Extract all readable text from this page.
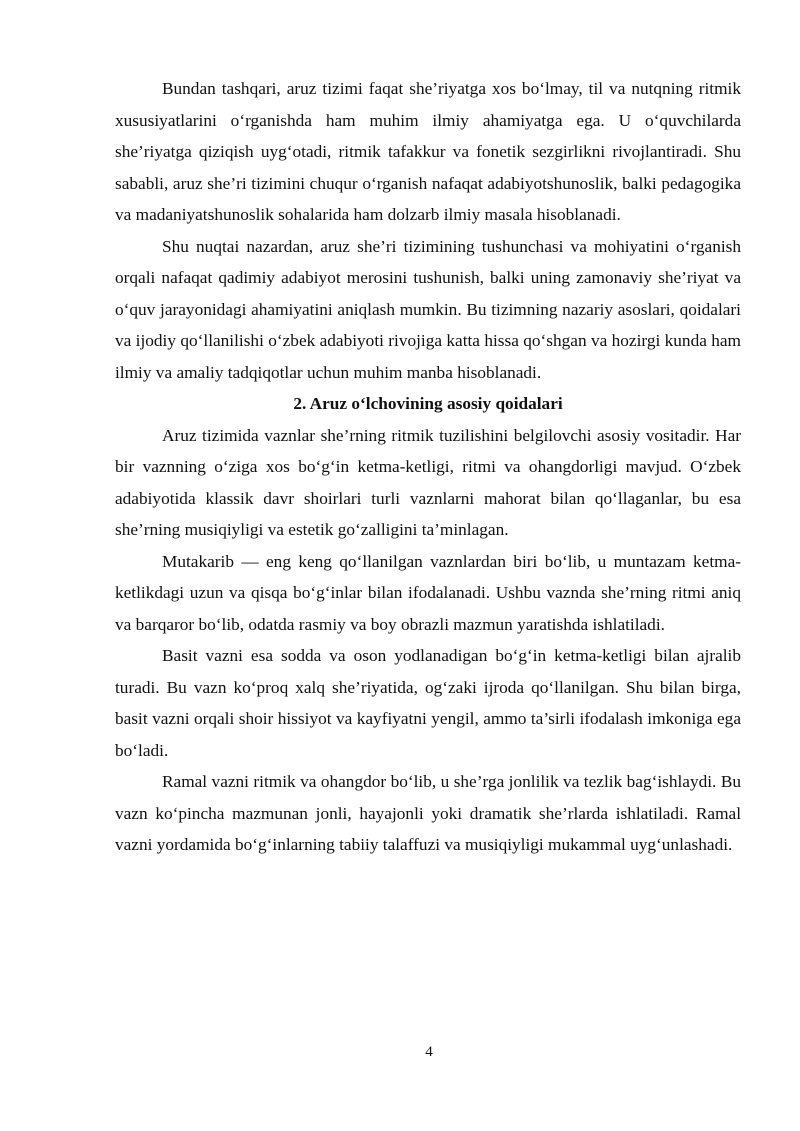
Bundan tashqari, aruz tizimi faqat she’riyatga xos bo‘lmay, til va nutqning ritmik xususiyatlarini o‘rganishda ham muhim ilmiy ahamiyatga ega. U o‘quvchilarda she’riyatga qiziqish uyg‘otadi, ritmik tafakkur va fonetik sezgirlikni rivojlantiradi. Shu sababli, aruz she’ri tizimini chuqur o‘rganish nafaqat adabiyotshunoslik, balki pedagogika va madaniyatshunoslik sohalarida ham dolzarb ilmiy masala hisoblanadi.

Shu nuqtai nazardan, aruz she’ri tizimining tushunchasi va mohiyatini o‘rganish orqali nafaqat qadimiy adabiyot merosini tushunish, balki uning zamonaviy she’riyat va o‘quv jarayonidagi ahamiyatini aniqlash mumkin. Bu tizimning nazariy asoslari, qoidalari va ijodiy qo‘llanilishi o‘zbek adabiyoti rivojiga katta hissa qo‘shgan va hozirgi kunda ham ilmiy va amaliy tadqiqotlar uchun muhim manba hisoblanadi.

2. Aruz o‘lchovining asosiy qoidalari

Aruz tizimida vaznlar she’rning ritmik tuzilishini belgilovchi asosiy vositadir. Har bir vaznning o‘ziga xos bo‘g‘in ketma-ketligi, ritmi va ohangdorligi mavjud. O‘zbek adabiyotida klassik davr shoirlari turli vaznlarni mahorat bilan qo‘llaganlar, bu esa she’rning musiqiyligi va estetik go‘zalligini ta’minlagan.

Mutakarib — eng keng qo‘llanilgan vaznlardan biri bo‘lib, u muntazam ketma-ketlikdagi uzun va qisqa bo‘g‘inlar bilan ifodalanadi. Ushbu vaznda she’rning ritmi aniq va barqaror bo‘lib, odatda rasmiy va boy obrazli mazmun yaratishda ishlatiladi.

Basit vazni esa sodda va oson yodlanadigan bo‘g‘in ketma-ketligi bilan ajralib turadi. Bu vazn ko‘proq xalq she’riyatida, og‘zaki ijroda qo‘llanilgan. Shu bilan birga, basit vazni orqali shoir hissiyot va kayfiyatni yengil, ammo ta’sirli ifodalash imkoniga ega bo‘ladi.

Ramal vazni ritmik va ohangdor bo‘lib, u she’rga jonlilik va tezlik bag‘ishlaydi. Bu vazn ko‘pincha mazmunan jonli, hayajonli yoki dramatik she’rlarda ishlatiladi. Ramal vazni yordamida bo‘g‘inlarning tabiiy talaffuzi va musiqiyligi mukammal uyg‘unlashadi.

4
